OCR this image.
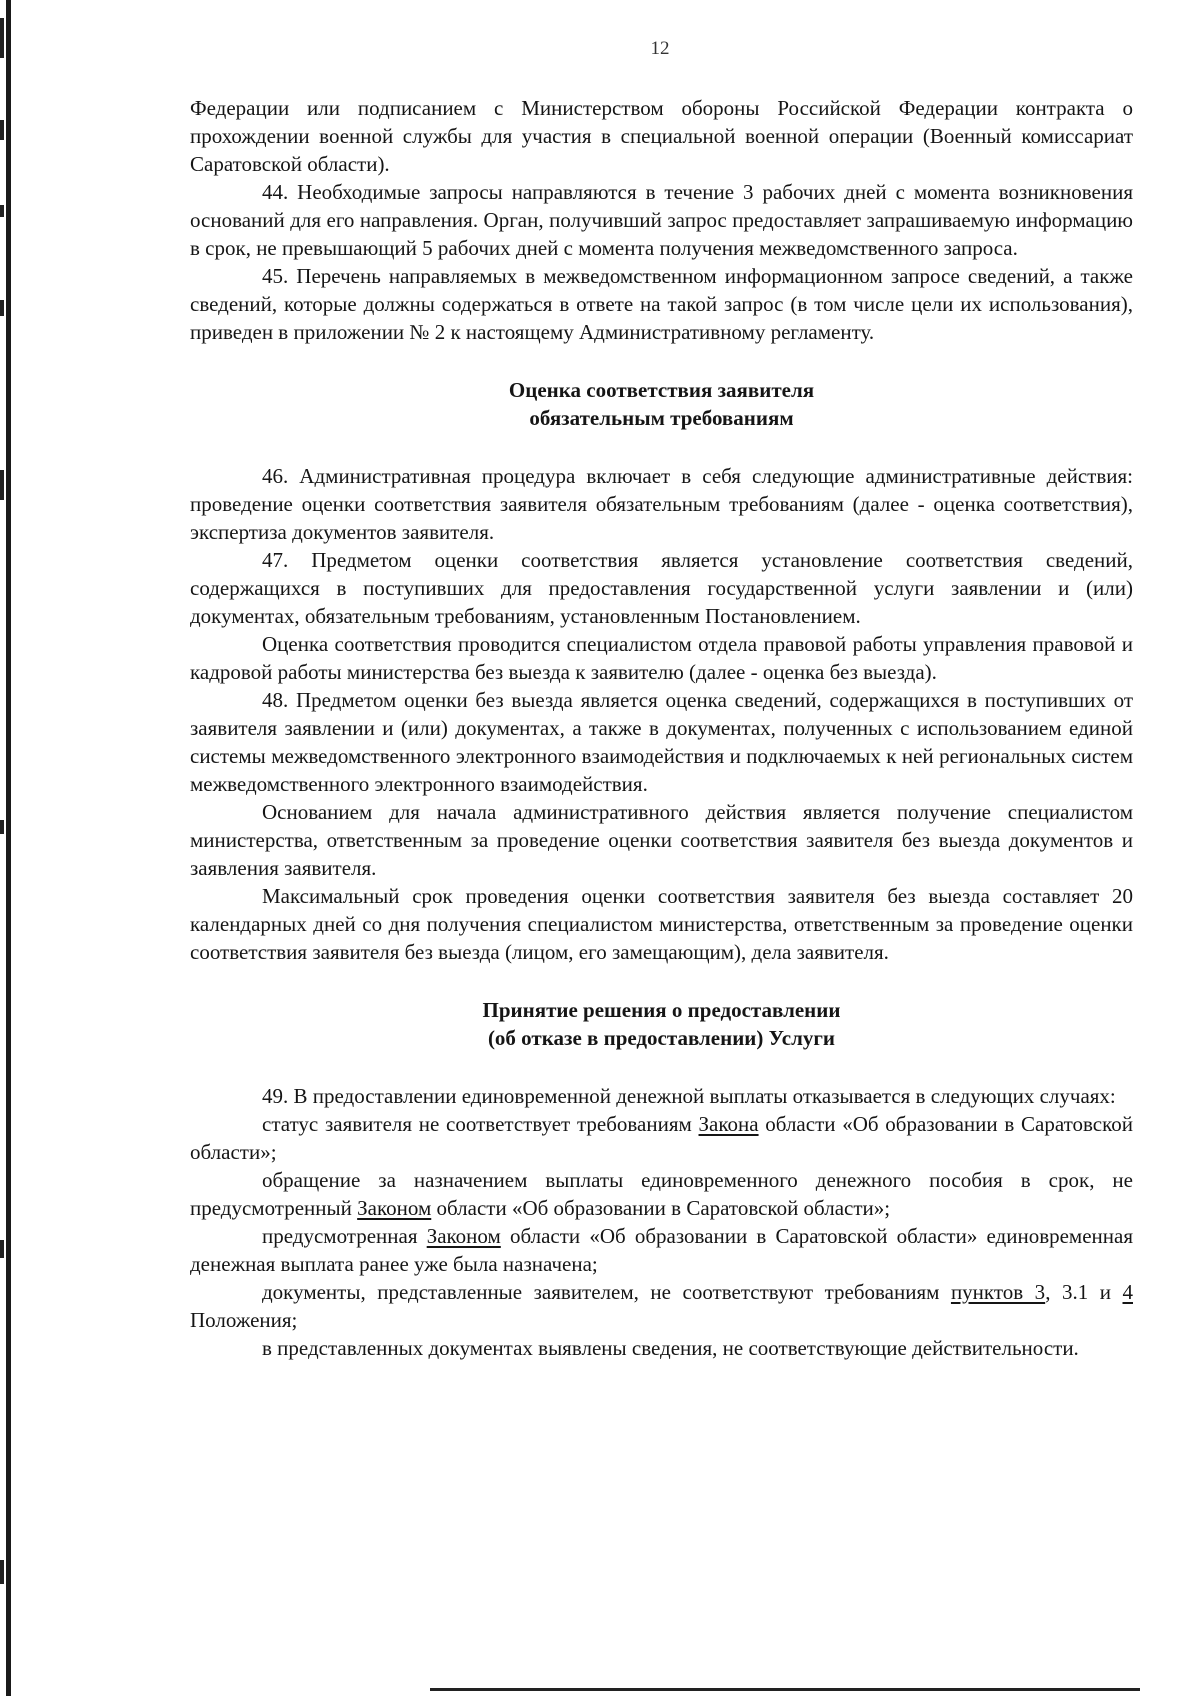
12

Федерации или подписанием с Министерством обороны Российской Федерации контракта о прохождении военной службы для участия в специальной военной операции (Военный комиссариат Саратовской области).

44. Необходимые запросы направляются в течение 3 рабочих дней с момента возникновения оснований для его направления. Орган, получивший запрос предоставляет запрашиваемую информацию в срок, не превышающий 5 рабочих дней с момента получения межведомственного запроса.

45. Перечень направляемых в межведомственном информационном запросе сведений, а также сведений, которые должны содержаться в ответе на такой запрос (в том числе цели их использования), приведен в приложении № 2 к настоящему Административному регламенту.

Оценка соответствия заявителя
обязательным требованиям

46. Административная процедура включает в себя следующие административные действия: проведение оценки соответствия заявителя обязательным требованиям (далее - оценка соответствия), экспертиза документов заявителя.

47. Предметом оценки соответствия является установление соответствия сведений, содержащихся в поступивших для предоставления государственной услуги заявлении и (или) документах, обязательным требованиям, установленным Постановлением.

Оценка соответствия проводится специалистом отдела правовой работы управления правовой и кадровой работы министерства без выезда к заявителю (далее - оценка без выезда).

48. Предметом оценки без выезда является оценка сведений, содержащихся в поступивших от заявителя заявлении и (или) документах, а также в документах, полученных с использованием единой системы межведомственного электронного взаимодействия и подключаемых к ней региональных систем межведомственного электронного взаимодействия.

Основанием для начала административного действия является получение специалистом министерства, ответственным за проведение оценки соответствия заявителя без выезда документов и заявления заявителя.

Максимальный срок проведения оценки соответствия заявителя без выезда составляет 20 календарных дней со дня получения специалистом министерства, ответственным за проведение оценки соответствия заявителя без выезда (лицом, его замещающим), дела заявителя.

Принятие решения о предоставлении
(об отказе в предоставлении) Услуги

49. В предоставлении единовременной денежной выплаты отказывается в следующих случаях:

статус заявителя не соответствует требованиям Закона области «Об образовании в Саратовской области»;

обращение за назначением выплаты единовременного денежного пособия в срок, не предусмотренный Законом области «Об образовании в Саратовской области»;

предусмотренная Законом области «Об образовании в Саратовской области» единовременная денежная выплата ранее уже была назначена;

документы, представленные заявителем, не соответствуют требованиям пунктов 3, 3.1 и 4 Положения;

в представленных документах выявлены сведения, не соответствующие действительности.
